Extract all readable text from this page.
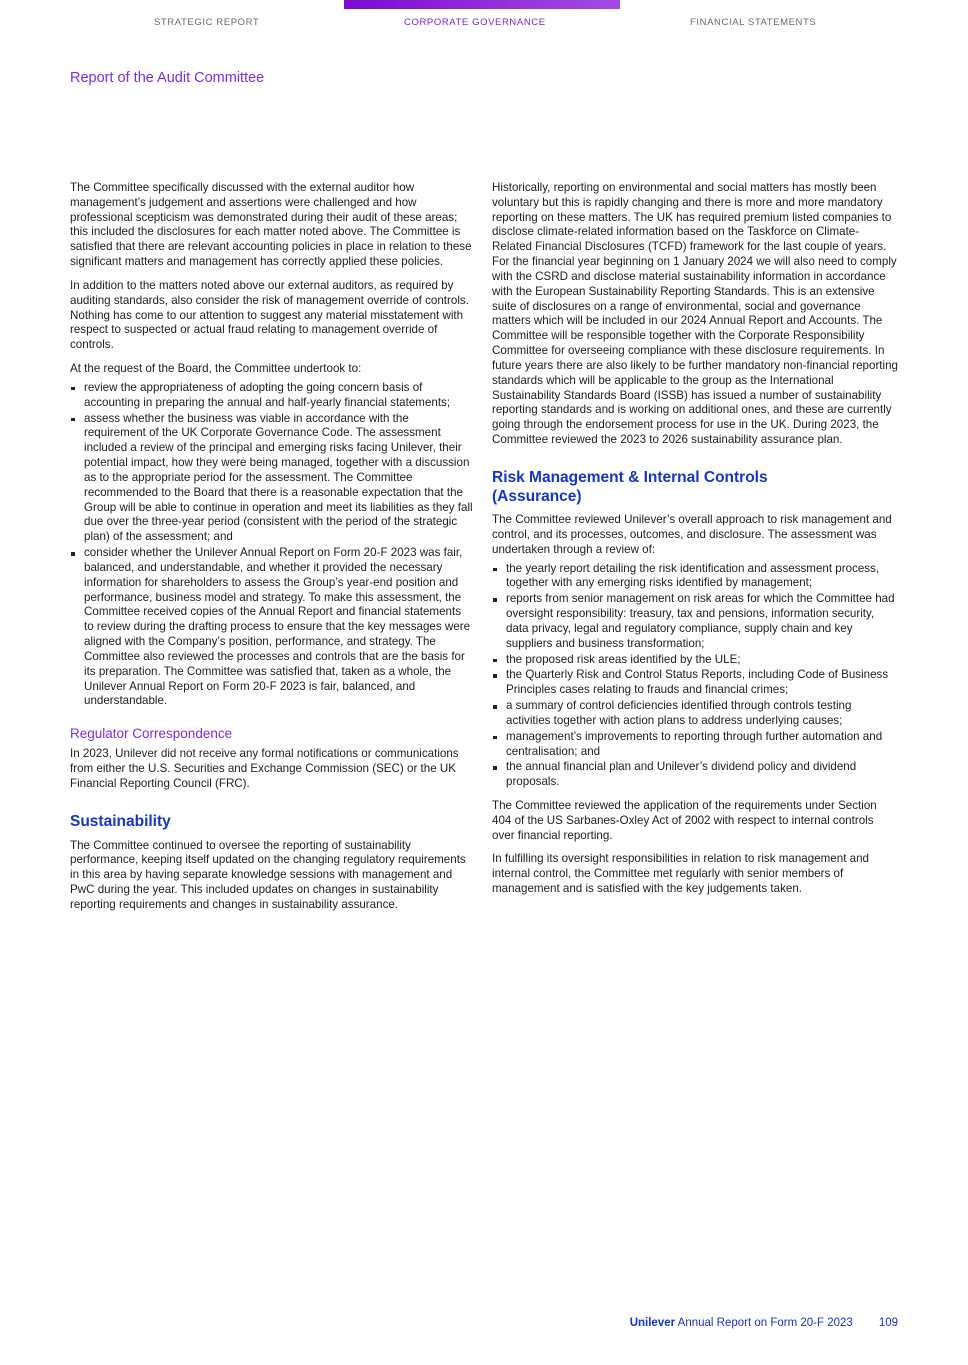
STRATEGIC REPORT	CORPORATE GOVERNANCE	FINANCIAL STATEMENTS
Report of the Audit Committee

The Committee specifically discussed with the external auditor how management’s judgement and assertions were challenged and how professional scepticism was demonstrated during their audit of these areas; this included the disclosures for each matter noted above. The Committee is satisfied that there are relevant accounting policies in place in relation to these significant matters and management has correctly applied these policies.

In addition to the matters noted above our external auditors, as required by auditing standards, also consider the risk of management override of controls. Nothing has come to our attention to suggest any material misstatement with respect to suspected or actual fraud relating to management override of controls.

At the request of the Board, the Committee undertook to:

review the appropriateness of adopting the going concern basis of accounting in preparing the annual and half-yearly financial statements;
assess whether the business was viable in accordance with the requirement of the UK Corporate Governance Code. The assessment included a review of the principal and emerging risks facing Unilever, their potential impact, how they were being managed, together with a discussion as to the appropriate period for the assessment. The Committee recommended to the Board that there is a reasonable expectation that the Group will be able to continue in operation and meet its liabilities as they fall due over the three-year period (consistent with the period of the strategic plan) of the assessment; and
consider whether the Unilever Annual Report on Form 20-F 2023 was fair, balanced, and understandable, and whether it provided the necessary information for shareholders to assess the Group’s year-end position and performance, business model and strategy. To make this assessment, the Committee received copies of the Annual Report and financial statements to review during the drafting process to ensure that the key messages were aligned with the Company’s position, performance, and strategy. The Committee also reviewed the processes and controls that are the basis for its preparation. The Committee was satisfied that, taken as a whole, the Unilever Annual Report on Form 20-F 2023 is fair, balanced, and understandable.
Regulator Correspondence

In 2023, Unilever did not receive any formal notifications or communications from either the U.S. Securities and Exchange Commission (SEC) or the UK Financial Reporting Council (FRC).

Sustainability

The Committee continued to oversee the reporting of sustainability performance, keeping itself updated on the changing regulatory requirements in this area by having separate knowledge sessions with management and PwC during the year. This included updates on changes in sustainability reporting requirements and changes in sustainability assurance.

Historically, reporting on environmental and social matters has mostly been voluntary but this is rapidly changing and there is more and more mandatory reporting on these matters. The UK has required premium listed companies to disclose climate-related information based on the Taskforce on Climate-Related Financial Disclosures (TCFD) framework for the last couple of years. For the financial year beginning on 1 January 2024 we will also need to comply with the CSRD and disclose material sustainability information in accordance with the European Sustainability Reporting Standards. This is an extensive suite of disclosures on a range of environmental, social and governance matters which will be included in our 2024 Annual Report and Accounts. The Committee will be responsible together with the Corporate Responsibility Committee for overseeing compliance with these disclosure requirements. In future years there are also likely to be further mandatory non-financial reporting standards which will be applicable to the group as the International Sustainability Standards Board (ISSB) has issued a number of sustainability reporting standards and is working on additional ones, and these are currently going through the endorsement process for use in the UK. During 2023, the Committee reviewed the 2023 to 2026 sustainability assurance plan.

Risk Management & Internal Controls (Assurance)

The Committee reviewed Unilever’s overall approach to risk management and control, and its processes, outcomes, and disclosure. The assessment was undertaken through a review of:

the yearly report detailing the risk identification and assessment process, together with any emerging risks identified by management;
reports from senior management on risk areas for which the Committee had oversight responsibility: treasury, tax and pensions, information security, data privacy, legal and regulatory compliance, supply chain and key suppliers and business transformation;
the proposed risk areas identified by the ULE;
the Quarterly Risk and Control Status Reports, including Code of Business Principles cases relating to frauds and financial crimes;
a summary of control deficiencies identified through controls testing activities together with action plans to address underlying causes;
management’s improvements to reporting through further automation and centralisation; and
the annual financial plan and Unilever’s dividend policy and dividend proposals.

The Committee reviewed the application of the requirements under Section 404 of the US Sarbanes-Oxley Act of 2002 with respect to internal controls over financial reporting.

In fulfilling its oversight responsibilities in relation to risk management and internal control, the Committee met regularly with senior members of management and is satisfied with the key judgements taken.

Unilever Annual Report on Form 20-F 2023 109
